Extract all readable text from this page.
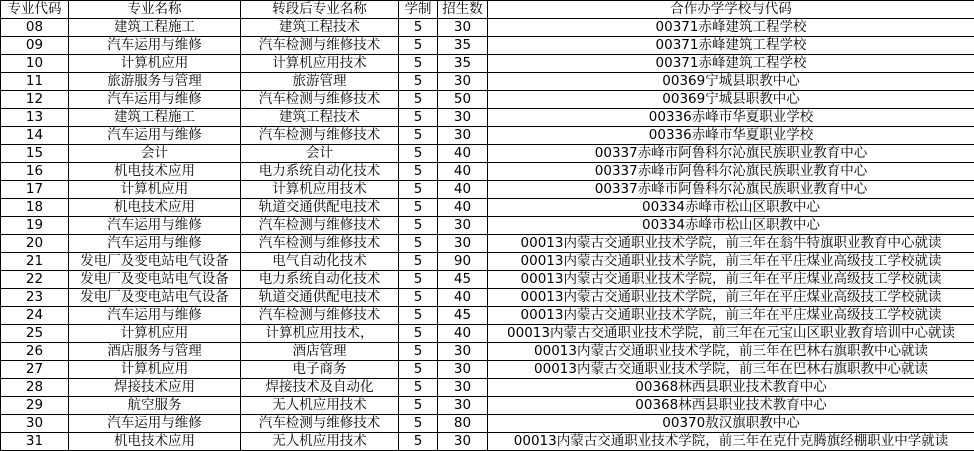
专业代码	专业名称	转段后专业名称	学制	招生数	合作办学学校与代码
08	建筑工程施工	建筑工程技术	5	30	00371赤峰建筑工程学校
09	汽车运用与维修	汽车检测与维修技术	5	35	00371赤峰建筑工程学校
10	计算机应用	计算机应用技术	5	35	00371赤峰建筑工程学校
11	旅游服务与管理	旅游管理	5	30	00369宁城县职教中心
12	汽车运用与维修	汽车检测与维修技术	5	50	00369宁城县职教中心
13	建筑工程施工	建筑工程技术	5	30	00336赤峰市华夏职业学校
14	汽车运用与维修	汽车检测与维修技术	5	30	00336赤峰市华夏职业学校
15	会计	会计	5	40	00337赤峰市阿鲁科尔沁旗民族职业教育中心
16	机电技术应用	电力系统自动化技术	5	40	00337赤峰市阿鲁科尔沁旗民族职业教育中心
17	计算机应用	计算机应用技术	5	40	00337赤峰市阿鲁科尔沁旗民族职业教育中心
18	机电技术应用	轨道交通供配电技术	5	40	00334赤峰市松山区职教中心
19	汽车运用与维修	汽车检测与维修技术	5	30	00334赤峰市松山区职教中心
20	汽车运用与维修	汽车检测与维修技术	5	30	00013内蒙古交通职业技术学院，前三年在翁牛特旗职业教育中心就读
21	发电厂及变电站电气设备	电气自动化技术	5	90	00013内蒙古交通职业技术学院，前三年在平庄煤业高级技工学校就读
22	发电厂及变电站电气设备	电力系统自动化技术	5	45	00013内蒙古交通职业技术学院，前三年在平庄煤业高级技工学校就读
23	发电厂及变电站电气设备	轨道交通供配电技术	5	40	00013内蒙古交通职业技术学院，前三年在平庄煤业高级技工学校就读
24	汽车运用与维修	汽车检测与维修技术	5	45	00013内蒙古交通职业技术学院，前三年在平庄煤业高级技工学校就读
25	计算机应用	计算机应用技术，	5	40	00013内蒙古交通职业技术学院，前三年在元宝山区职业教育培训中心就读
26	酒店服务与管理	酒店管理	5	30	00013内蒙古交通职业技术学院，前三年在巴林右旗职教中心就读
27	计算机应用	电子商务	5	30	00013内蒙古交通职业技术学院，前三年在巴林右旗职教中心就读
28	焊接技术应用	焊接技术及自动化	5	30	00368林西县职业技术教育中心
29	航空服务	无人机应用技术	5	30	00368林西县职业技术教育中心
30	汽车运用与维修	汽车检测与维修技术	5	80	00370敖汉旗职教中心
31	机电技术应用	无人机应用技术	5	30	00013内蒙古交通职业技术学院，前三年在克什克腾旗经棚职业中学就读
